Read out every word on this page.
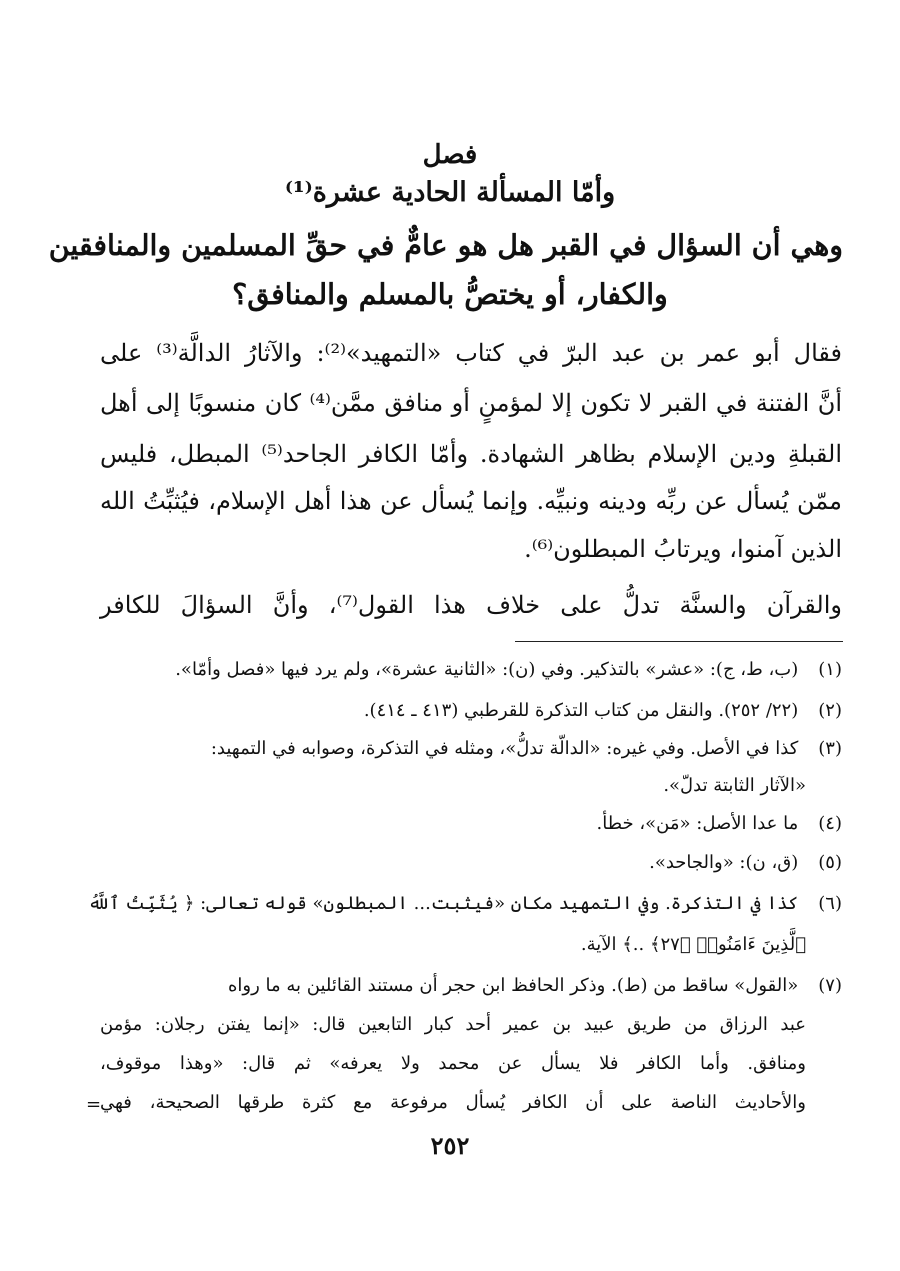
فصل
وأمّا المسألة الحادية عشرة⁽¹⁾
وهي أن السؤال في القبر هل هو عامٌّ في حقِّ المسلمين والمنافقين
والكفار، أو يختصُّ بالمسلم والمنافق؟
فقال أبو عمر بن عبد البرّ في كتاب «التمهيد»⁽²⁾: والآثارُ الدالَّة⁽³⁾ على
أنَّ الفتنة في القبر لا تكون إلا لمؤمنٍ أو منافق ممَّن⁽⁴⁾ كان منسوبًا إلى أهل
القبلةِ ودين الإسلام بظاهر الشهادة. وأمّا الكافر الجاحد⁽⁵⁾ المبطل، فليس
ممّن يُسأل عن ربِّه ودينه ونبيِّه. وإنما يُسأل عن هذا أهل الإسلام، فيُثبِّتُ الله
الذين آمنوا، ويرتابُ المبطلون⁽⁶⁾.
والقرآن والسنَّة تدلُّ على خلاف هذا القول⁽⁷⁾، وأنَّ السؤالَ للكافر
(١) (ب، ط، ج): «عشر» بالتذكير. وفي (ن): «الثانية عشرة»، ولم يرد فيها «فصل وأمّا».
(٢) (٢٢/ ٢٥٢). والنقل من كتاب التذكرة للقرطبي (٤١٣ ـ ٤١٤).
(٣) كذا في الأصل. وفي غيره: «الدالّة تدلُّ»، ومثله في التذكرة، وصوابه في التمهيد:
«الآثار الثابتة تدلّ».
(٤) ما عدا الأصل: «مَن»، خطأ.
(٥) (ق، ن): «والجاحد».
(٦) كذا في التذكرة. وفي التمهيد مكان «فيثبت... المبطلون» قوله تعالى: ﴿ يُثَبِّتُ ٱللَّهُ
ٱلَّذِينَ ءَامَنُوا۟ ﴿٢٧﴾ ..﴾ الآية.
(٧) «القول» ساقط من (ط). وذكر الحافظ ابن حجر أن مستند القائلين به ما رواه
عبد الرزاق من طريق عبيد بن عمير أحد كبار التابعين قال: «إنما يفتن رجلان: مؤمن
ومنافق. وأما الكافر فلا يسأل عن محمد ولا يعرفه» ثم قال: «وهذا موقوف،
والأحاديث الناصة على أن الكافر يُسأل مرفوعة مع كثرة طرقها الصحيحة، فهي
=
٢٥٢
